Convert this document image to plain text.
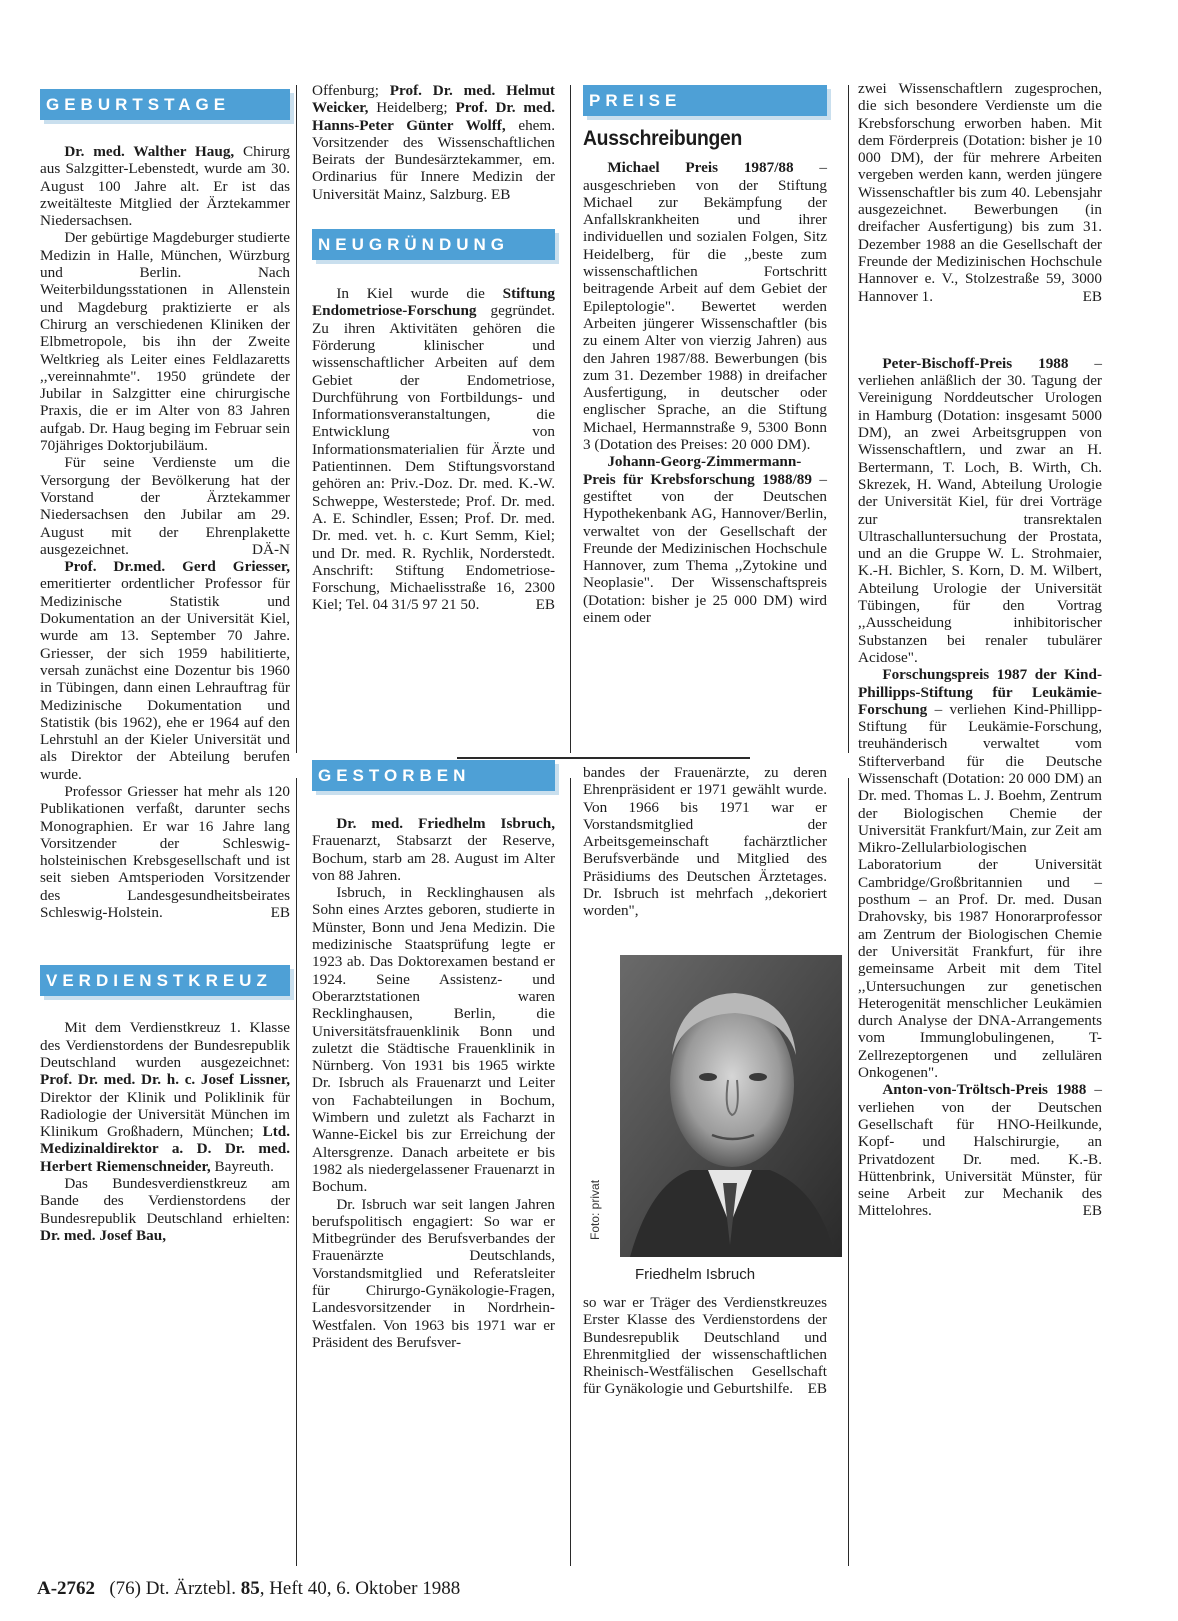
GEBURTSTAGE

Dr. med. Walther Haug, Chirurg aus Salzgitter-Lebenstedt, wurde am 30. August 100 Jahre alt. Er ist das zweitälteste Mitglied der Ärztekammer Niedersachsen.

Der gebürtige Magdeburger studierte Medizin in Halle, München, Würzburg und Berlin. Nach Weiterbildungsstationen in Allenstein und Magdeburg praktizierte er als Chirurg an verschiedenen Kliniken der Elbmetropole, bis ihn der Zweite Weltkrieg als Leiter eines Feldlazaretts ,,vereinnahmte". 1950 gründete der Jubilar in Salzgitter eine chirurgische Praxis, die er im Alter von 83 Jahren aufgab. Dr. Haug beging im Februar sein 70jähriges Doktorjubiläum.

Für seine Verdienste um die Versorgung der Bevölkerung hat der Vorstand der Ärztekammer Niedersachsen den Jubilar am 29. August mit der Ehrenplakette ausgezeichnet.	DÄ-N

Prof. Dr.med. Gerd Griesser, emeritierter ordentlicher Professor für Medizinische Statistik und Dokumentation an der Universität Kiel, wurde am 13. September 70 Jahre. Griesser, der sich 1959 habilitierte, versah zunächst eine Dozentur bis 1960 in Tübingen, dann einen Lehrauftrag für Medizinische Dokumentation und Statistik (bis 1962), ehe er 1964 auf den Lehrstuhl an der Kieler Universität und als Direktor der Abteilung berufen wurde.

Professor Griesser hat mehr als 120 Publikationen verfaßt, darunter sechs Monographien. Er war 16 Jahre lang Vorsitzender der Schleswig-holsteinischen Krebsgesellschaft und ist seit sieben Amtsperioden Vorsitzender des Landesgesundheitsbeirates Schleswig-Holstein.	EB

VERDIENSTKREUZ

Mit dem Verdienstkreuz 1. Klasse des Verdienstordens der Bundesrepublik Deutschland wurden ausgezeichnet: Prof. Dr. med. Dr. h. c. Josef Lissner, Direktor der Klinik und Poliklinik für Radiologie der Universität München im Klinikum Großhadern, München; Ltd. Medizinaldirektor a. D. Dr. med. Herbert Riemenschneider, Bayreuth.

Das Bundesverdienstkreuz am Bande des Verdienstordens der Bundesrepublik Deutschland erhielten: Dr. med. Josef Bau,

Offenburg; Prof. Dr. med. Helmut Weicker, Heidelberg; Prof. Dr. med. Hanns-Peter Günter Wolff, ehem. Vorsitzender des Wissenschaftlichen Beirats der Bundesärztekammer, em. Ordinarius für Innere Medizin der Universität Mainz, Salzburg. EB

NEUGRÜNDUNG

In Kiel wurde die Stiftung Endometriose-Forschung gegründet. Zu ihren Aktivitäten gehören die Förderung klinischer und wissenschaftlicher Arbeiten auf dem Gebiet der Endometriose, Durchführung von Fortbildungs- und Informationsveranstaltungen, die Entwicklung von Informationsmaterialien für Ärzte und Patientinnen. Dem Stiftungsvorstand gehören an: Priv.-Doz. Dr. med. K.-W. Schweppe, Westerstede; Prof. Dr. med. A. E. Schindler, Essen; Prof. Dr. med. Dr. med. vet. h. c. Kurt Semm, Kiel; und Dr. med. R. Rychlik, Norderstedt. Anschrift: Stiftung Endometriose-Forschung, Michaelisstraße 16, 2300 Kiel; Tel. 04 31/5 97 21 50.	EB

GESTORBEN

Dr. med. Friedhelm Isbruch, Frauenarzt, Stabsarzt der Reserve, Bochum, starb am 28. August im Alter von 88 Jahren.

Isbruch, in Recklinghausen als Sohn eines Arztes geboren, studierte in Münster, Bonn und Jena Medizin. Die medizinische Staatsprüfung legte er 1923 ab. Das Doktorexamen bestand er 1924. Seine Assistenz- und Oberarztstationen waren Recklinghausen, Berlin, die Universitätsfrauenklinik Bonn und zuletzt die Städtische Frauenklinik in Nürnberg. Von 1931 bis 1965 wirkte Dr. Isbruch als Frauenarzt und Leiter von Fachabteilungen in Bochum, Wimbern und zuletzt als Facharzt in Wanne-Eickel bis zur Erreichung der Altersgrenze. Danach arbeitete er bis 1982 als niedergelassener Frauenarzt in Bochum.

Dr. Isbruch war seit langen Jahren berufspolitisch engagiert: So war er Mitbegründer des Berufsverbandes der Frauenärzte Deutschlands, Vorstandsmitglied und Referatsleiter für Chirurgo-Gynäkologie-Fragen, Landesvorsitzender in Nordrhein-Westfalen. Von 1963 bis 1971 war er Präsident des Berufsver-

PREISE
Ausschreibungen

Michael Preis 1987/88 – ausgeschrieben von der Stiftung Michael zur Bekämpfung der Anfallskrankheiten und ihrer individuellen und sozialen Folgen, Sitz Heidelberg, für die ,,beste zum wissenschaftlichen Fortschritt beitragende Arbeit auf dem Gebiet der Epileptologie". Bewertet werden Arbeiten jüngerer Wissenschaftler (bis zu einem Alter von vierzig Jahren) aus den Jahren 1987/88. Bewerbungen (bis zum 31. Dezember 1988) in dreifacher Ausfertigung, in deutscher oder englischer Sprache, an die Stiftung Michael, Hermannstraße 9, 5300 Bonn 3 (Dotation des Preises: 20 000 DM).

Johann-Georg-Zimmermann-Preis für Krebsforschung 1988/89 – gestiftet von der Deutschen Hypothekenbank AG, Hannover/Berlin, verwaltet von der Gesellschaft der Freunde der Medizinischen Hochschule Hannover, zum Thema ,,Zytokine und Neoplasie". Der Wissenschaftspreis (Dotation: bisher je 25 000 DM) wird einem oder

bandes der Frauenärzte, zu deren Ehrenpräsident er 1971 gewählt wurde. Von 1966 bis 1971 war er Vorstandsmitglied der Arbeitsgemeinschaft fachärztlicher Berufsverbände und Mitglied des Präsidiums des Deutschen Ärztetages. Dr. Isbruch ist mehrfach ,,dekoriert worden",

Foto: privat
Friedhelm Isbruch

so war er Träger des Verdienstkreuzes Erster Klasse des Verdienstordens der Bundesrepublik Deutschland und Ehrenmitglied der wissenschaftlichen Rheinisch-Westfälischen Gesellschaft für Gynäkologie und Geburtshilfe. EB

zwei Wissenschaftlern zugesprochen, die sich besondere Verdienste um die Krebsforschung erworben haben. Mit dem Förderpreis (Dotation: bisher je 10 000 DM), der für mehrere Arbeiten vergeben werden kann, werden jüngere Wissenschaftler bis zum 40. Lebensjahr ausgezeichnet. Bewerbungen (in dreifacher Ausfertigung) bis zum 31. Dezember 1988 an die Gesellschaft der Freunde der Medizinischen Hochschule Hannover e. V., Stolzestraße 59, 3000 Hannover 1.	EB

Peter-Bischoff-Preis 1988 – verliehen anläßlich der 30. Tagung der Vereinigung Norddeutscher Urologen in Hamburg (Dotation: insgesamt 5000 DM), an zwei Arbeitsgruppen von Wissenschaftlern, und zwar an H. Bertermann, T. Loch, B. Wirth, Ch. Skrezek, H. Wand, Abteilung Urologie der Universität Kiel, für drei Vorträge zur transrektalen Ultraschalluntersuchung der Prostata, und an die Gruppe W. L. Strohmaier, K.-H. Bichler, S. Korn, D. M. Wilbert, Abteilung Urologie der Universität Tübingen, für den Vortrag ,,Ausscheidung inhibitorischer Substanzen bei renaler tubulärer Acidose".

Forschungspreis 1987 der Kind-Phillipps-Stiftung für Leukämie-Forschung – verliehen Kind-Phillipp-Stiftung für Leukämie-Forschung, treuhänderisch verwaltet vom Stifterverband für die Deutsche Wissenschaft (Dotation: 20 000 DM) an Dr. med. Thomas L. J. Boehm, Zentrum der Biologischen Chemie der Universität Frankfurt/Main, zur Zeit am Mikro-Zellularbiologischen Laboratorium der Universität Cambridge/Großbritannien und – posthum – an Prof. Dr. med. Dusan Drahovsky, bis 1987 Honorarprofessor am Zentrum der Biologischen Chemie der Universität Frankfurt, für ihre gemeinsame Arbeit mit dem Titel ,,Untersuchungen zur genetischen Heterogenität menschlicher Leukämien durch Analyse der DNA-Arrangements vom Immunglobulingenen, T-Zellrezeptorgenen und zellulären Onkogenen".

Anton-von-Tröltsch-Preis 1988 – verliehen von der Deutschen Gesellschaft für HNO-Heilkunde, Kopf- und Halschirurgie, an Privatdozent Dr. med. K.-B. Hüttenbrink, Universität Münster, für seine Arbeit zur Mechanik des Mittelohres.	EB

A-2762 (76) Dt. Ärztebl. 85, Heft 40, 6. Oktober 1988
